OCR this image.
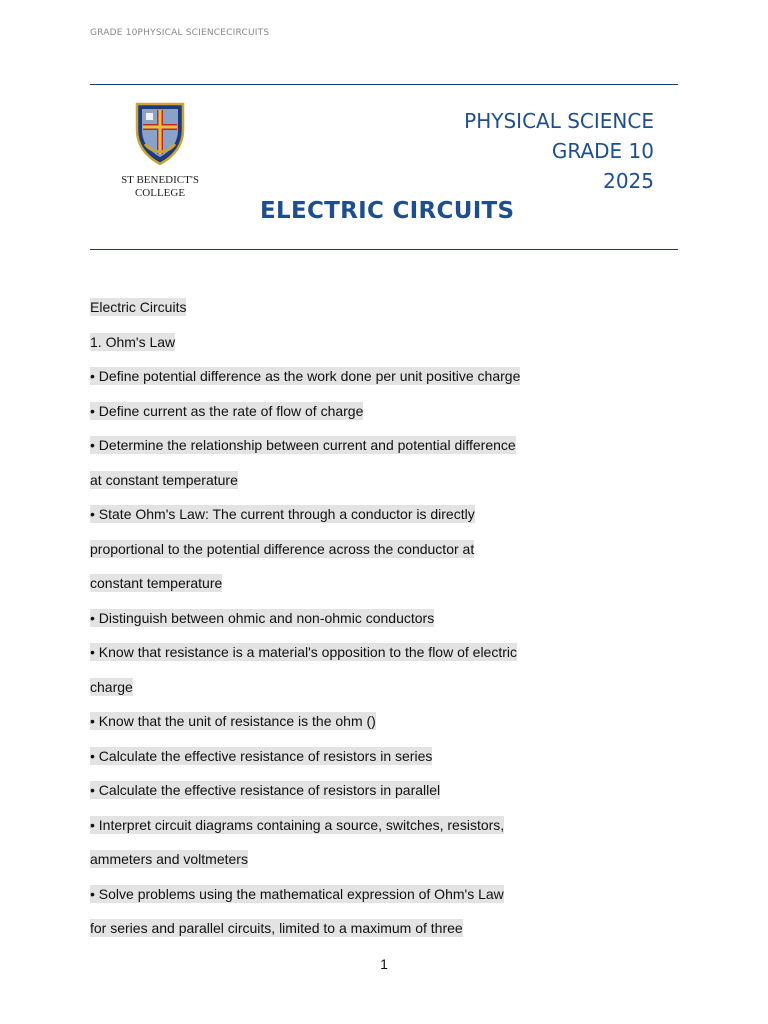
GRADE 10PHYSICAL SCIENCECIRCUITS
ST BENEDICT'S
COLLEGE
PHYSICAL SCIENCE
GRADE 10
2025
ELECTRIC CIRCUITS
Electric Circuits
1. Ohm's Law
• Define potential difference as the work done per unit positive charge
• Define current as the rate of flow of charge
• Determine the relationship between current and potential difference
at constant temperature
• State Ohm's Law: The current through a conductor is directly
proportional to the potential difference across the conductor at
constant temperature
• Distinguish between ohmic and non-ohmic conductors
• Know that resistance is a material's opposition to the flow of electric
charge
• Know that the unit of resistance is the ohm ()
• Calculate the effective resistance of resistors in series
• Calculate the effective resistance of resistors in parallel
• Interpret circuit diagrams containing a source, switches, resistors,
ammeters and voltmeters
• Solve problems using the mathematical expression of Ohm's Law
for series and parallel circuits, limited to a maximum of three
1
